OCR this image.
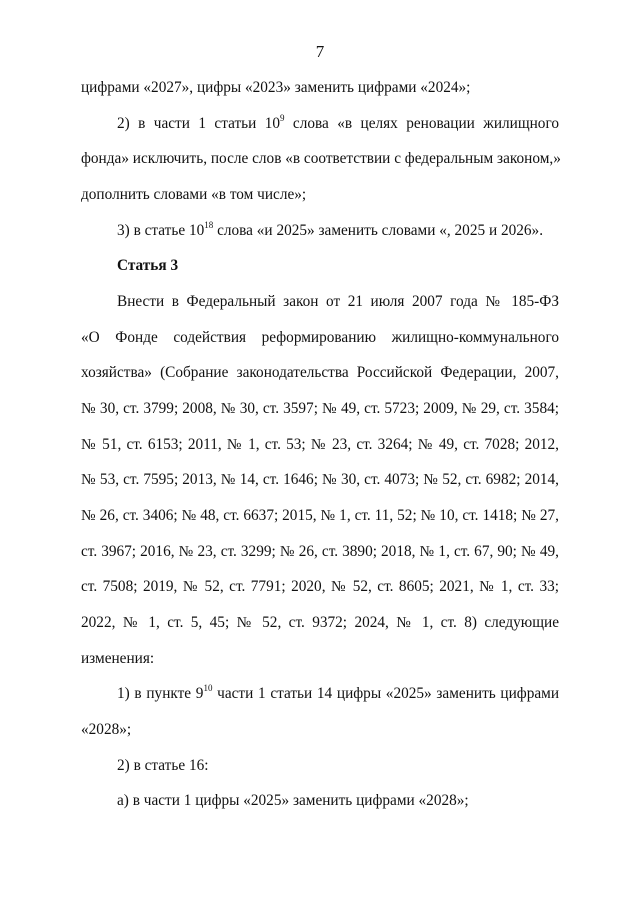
7
цифрами «2027», цифры «2023» заменить цифрами «2024»;
2) в части 1 статьи $10^9$ слова «в целях реновации жилищного
фонда» исключить, после слов «в соответствии с федеральным законом,»
дополнить словами «в том числе»;
3) в статье $10^{18}$ слова «и 2025» заменить словами «, 2025 и 2026».
Статья 3
Внести в Федеральный закон от 21 июля 2007 года № 185-ФЗ
«О Фонде содействия реформированию жилищно-коммунального
хозяйства» (Собрание законодательства Российской Федерации, 2007,
№ 30, ст. 3799; 2008, № 30, ст. 3597; № 49, ст. 5723; 2009, № 29, ст. 3584;
№ 51, ст. 6153; 2011, № 1, ст. 53; № 23, ст. 3264; № 49, ст. 7028; 2012,
№ 53, ст. 7595; 2013, № 14, ст. 1646; № 30, ст. 4073; № 52, ст. 6982; 2014,
№ 26, ст. 3406; № 48, ст. 6637; 2015, № 1, ст. 11, 52; № 10, ст. 1418; № 27,
ст. 3967; 2016, № 23, ст. 3299; № 26, ст. 3890; 2018, № 1, ст. 67, 90; № 49,
ст. 7508; 2019, № 52, ст. 7791; 2020, № 52, ст. 8605; 2021, № 1, ст. 33;
2022, № 1, ст. 5, 45; № 52, ст. 9372; 2024, № 1, ст. 8) следующие
изменения:
1) в пункте $9^{10}$ части 1 статьи 14 цифры «2025» заменить цифрами
«2028»;
2) в статье 16:
а) в части 1 цифры «2025» заменить цифрами «2028»;
